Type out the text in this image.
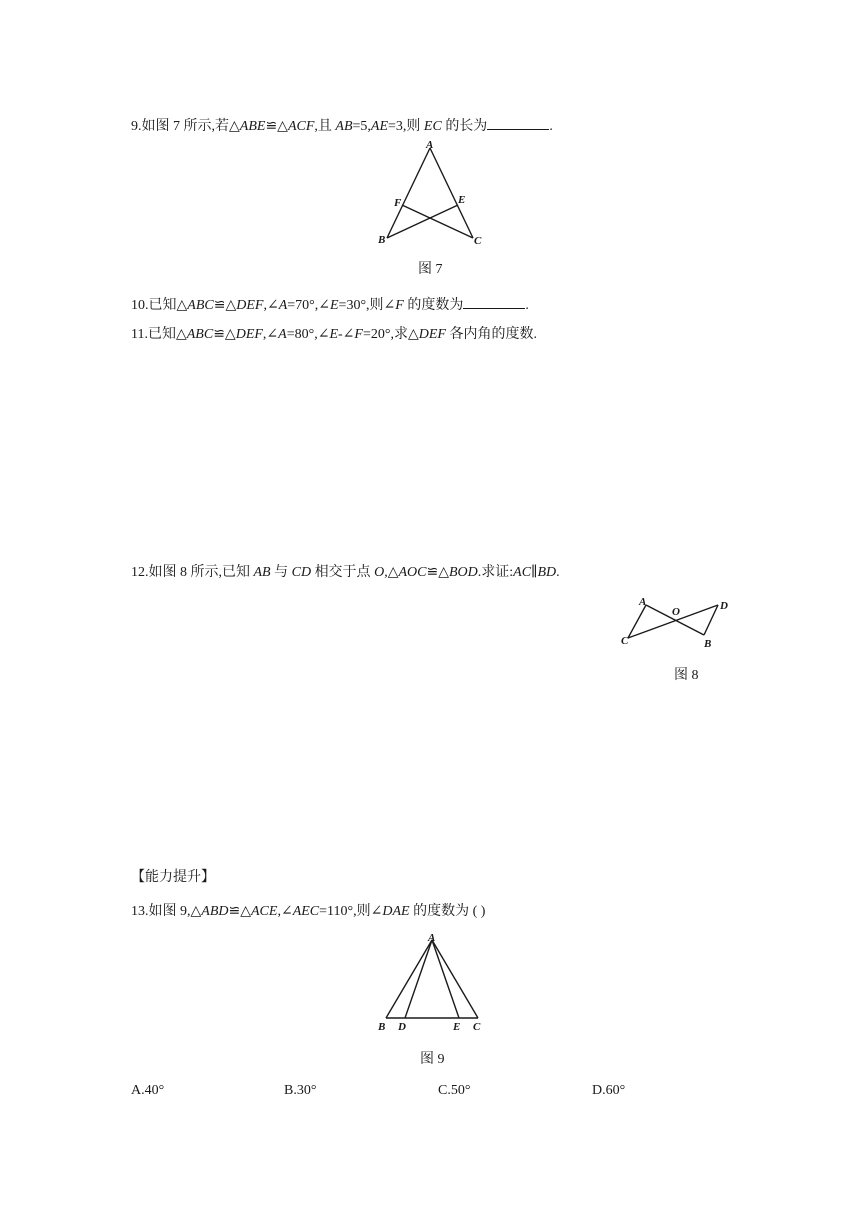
9.如图 7 所示,若△ABE≌△ACF,且 AB=5,AE=3,则 EC 的长为	.
A
B	C
E
F
图 7
10.已知△ABC≌△DEF,∠A=70°,∠E=30°,则∠F 的度数为	.
11.已知△ABC≌△DEF,∠A=80°,∠E-∠F=20°,求△DEF 各内角的度数.
12.如图 8 所示,已知 AB 与 CD 相交于点 O,△AOC≌△BOD.求证:AC∥BD.
A
B
C
D
O
图 8
【能力提升】
13.如图 9,△ABD≌△ACE,∠AEC=110°,则∠DAE 的度数为 ( )
A
B D	E C
图 9
A.40°	B.30°	C.50°	D.60°
